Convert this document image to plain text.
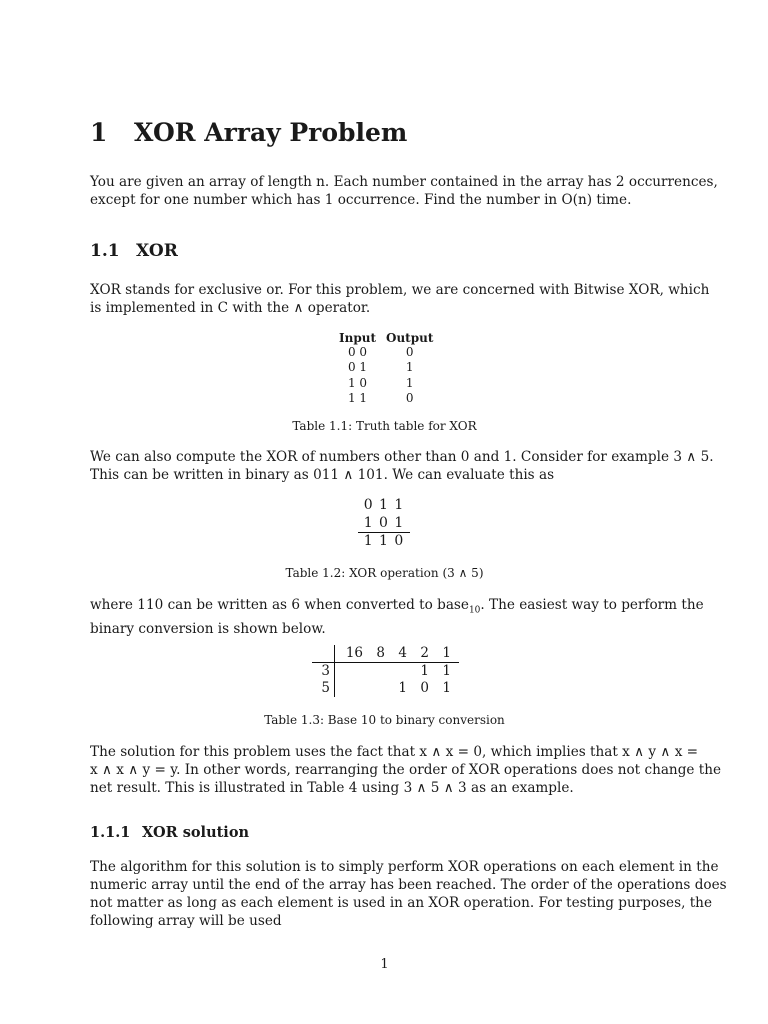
1 XOR Array Problem
You are given an array of length n. Each number contained in the array has 2 occurrences,
except for one number which has 1 occurrence. Find the number in O(n) time.
1.1 XOR
XOR stands for exclusive or. For this problem, we are concerned with Bitwise XOR, which
is implemented in C with the ∧ operator.
Input	Output
0 0	0
0 1	1
1 0	1
1 1	0
Table 1.1: Truth table for XOR
We can also compute the XOR of numbers other than 0 and 1. Consider for example 3 ∧ 5.
This can be written in binary as 011 ∧ 101. We can evaluate this as
0 1 1
1 0 1
1 1 0
Table 1.2: XOR operation (3 ∧ 5)
where 110 can be written as 6 when converted to base$_{10}$. The easiest way to perform the
binary conversion is shown below.
	16	8	4	2	1
3				1	1
5			1	0	1
Table 1.3: Base 10 to binary conversion
The solution for this problem uses the fact that x ∧ x = 0, which implies that x ∧ y ∧ x =
x ∧ x ∧ y = y. In other words, rearranging the order of XOR operations does not change the
net result. This is illustrated in Table 4 using 3 ∧ 5 ∧ 3 as an example.
1.1.1 XOR solution
The algorithm for this solution is to simply perform XOR operations on each element in the
numeric array until the end of the array has been reached. The order of the operations does
not matter as long as each element is used in an XOR operation. For testing purposes, the
following array will be used
1
